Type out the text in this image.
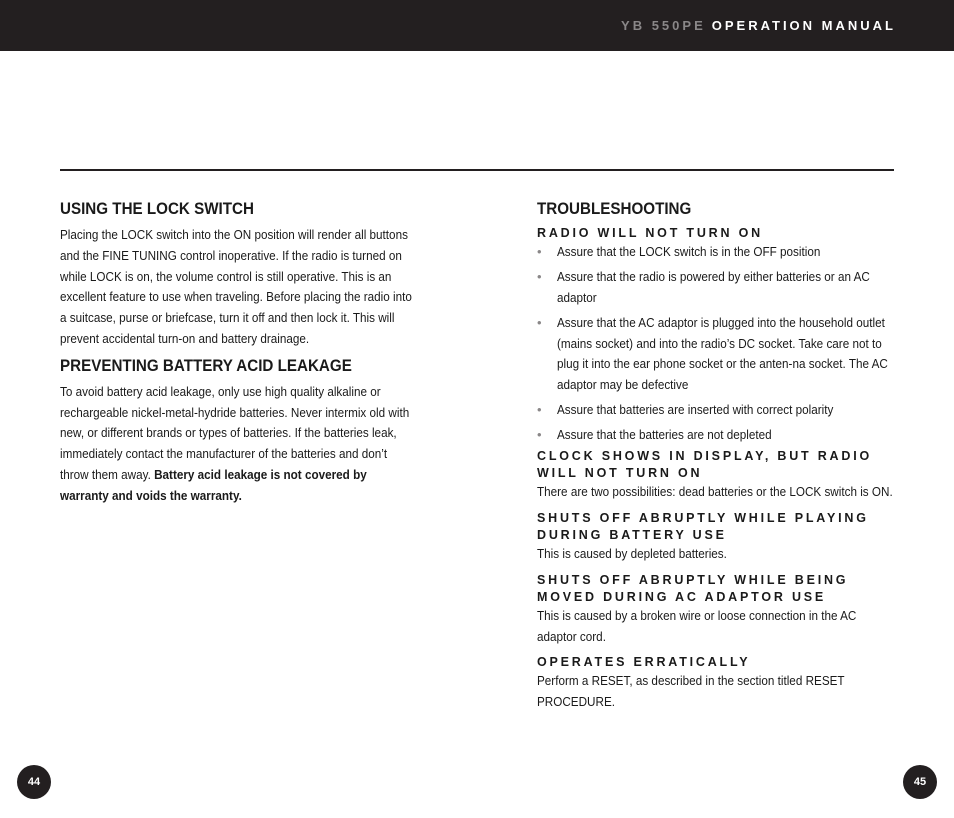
YB 550PE OPERATION MANUAL
USING THE LOCK SWITCH

Placing the LOCK switch into the ON position will render all buttons and the FINE TUNING control inoperative. If the radio is turned on while LOCK is on, the volume control is still operative. This is an excellent feature to use when traveling. Before placing the radio into a suitcase, purse or briefcase, turn it off and then lock it. This will prevent accidental turn-on and battery drainage.

PREVENTING BATTERY ACID LEAKAGE

To avoid battery acid leakage, only use high quality alkaline or rechargeable nickel-metal-hydride batteries. Never intermix old with new, or different brands or types of batteries. If the batteries leak, immediately contact the manufacturer of the batteries and don’t throw them away. Battery acid leakage is not covered by warranty and voids the warranty.

TROUBLESHOOTING
RADIO WILL NOT TURN ON
• Assure that the LOCK switch is in the OFF position
• Assure that the radio is powered by either batteries or an AC adaptor
• Assure that the AC adaptor is plugged into the household outlet (mains socket) and into the radio’s DC socket. Take care not to plug it into the ear phone socket or the anten-na socket. The AC adaptor may be defective
• Assure that batteries are inserted with correct polarity
• Assure that the batteries are not depleted
CLOCK SHOWS IN DISPLAY, BUT RADIO WILL NOT TURN ON

There are two possibilities: dead batteries or the LOCK switch is ON.

SHUTS OFF ABRUPTLY WHILE PLAYING DURING BATTERY USE

This is caused by depleted batteries.

SHUTS OFF ABRUPTLY WHILE BEING MOVED DURING AC ADAPTOR USE

This is caused by a broken wire or loose connection in the AC adaptor cord.

OPERATES ERRATICALLY

Perform a RESET, as described in the section titled RESET PROCEDURE.

44	45
